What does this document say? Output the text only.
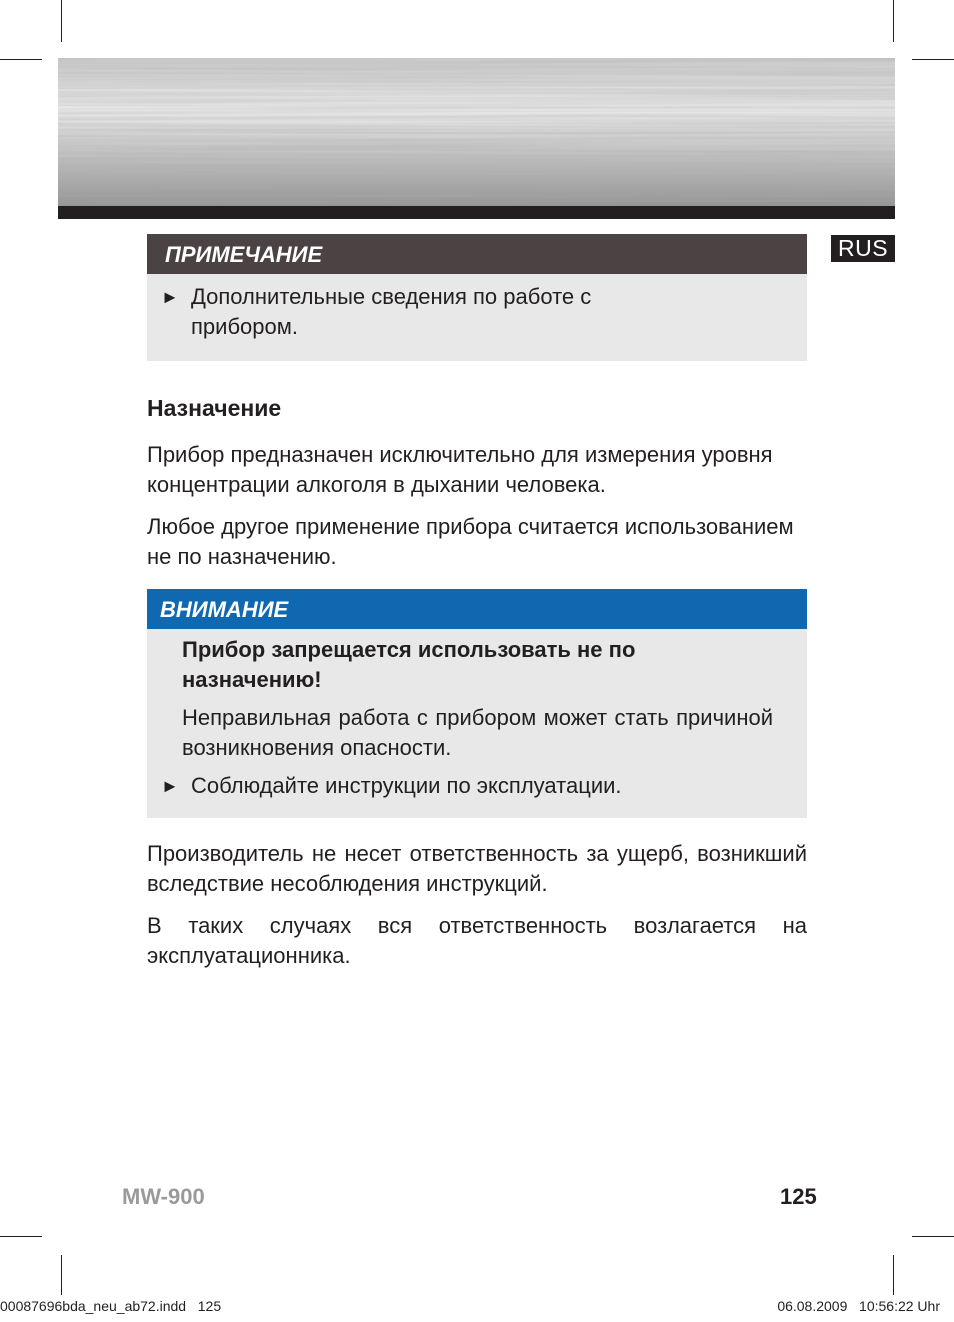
RUS
ПРИМЕЧАНИЕ
► Дополнительные сведения по работе с
прибором.
Назначение
Прибор предназначен исключительно для измерения уровня концентрации алкоголя в дыхании человека.
Любое другое применение прибора считается использованием не по назначению.
ВНИМАНИЕ
Прибор запрещается использовать не по назначению!
Неправильная работа с прибором может стать причиной возникновения опасности.
► Соблюдайте инструкции по эксплуатации.
Производитель не несет ответственность за ущерб, возникший вследствие несоблюдения инструкций.
В таких случаях вся ответственность возлагается на эксплуатационника.
MW-900	125
00087696bda_neu_ab72.indd   125	06.08.2009   10:56:22 Uhr
